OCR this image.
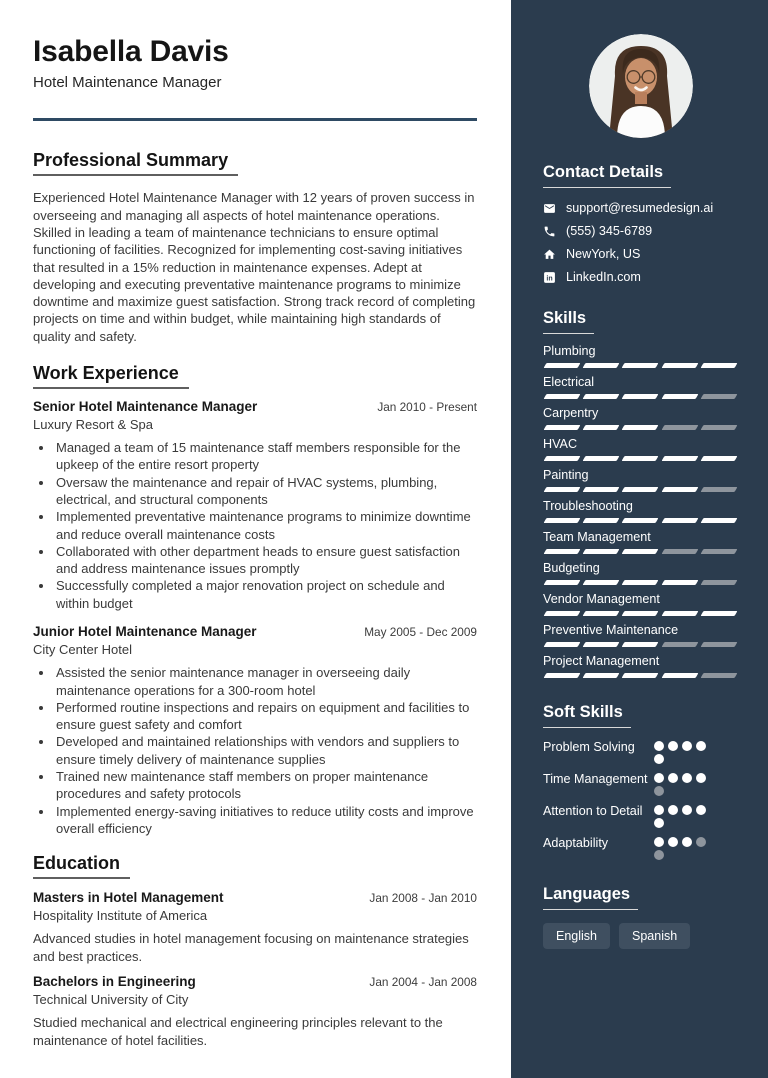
Isabella Davis
Hotel Maintenance Manager
Professional Summary

Experienced Hotel Maintenance Manager with 12 years of proven success in overseeing and managing all aspects of hotel maintenance operations. Skilled in leading a team of maintenance technicians to ensure optimal functioning of facilities. Recognized for implementing cost-saving initiatives that resulted in a 15% reduction in maintenance expenses. Adept at developing and executing preventative maintenance programs to minimize downtime and maximize guest satisfaction. Strong track record of completing projects on time and within budget, while maintaining high standards of quality and safety.

Work Experience
Senior Hotel Maintenance Manager	Jan 2010 - Present
Luxury Resort & Spa
• Managed a team of 15 maintenance staff members responsible for the upkeep of the entire resort property
• Oversaw the maintenance and repair of HVAC systems, plumbing, electrical, and structural components
• Implemented preventative maintenance programs to minimize downtime and reduce overall maintenance costs
• Collaborated with other department heads to ensure guest satisfaction and address maintenance issues promptly
• Successfully completed a major renovation project on schedule and within budget
Junior Hotel Maintenance Manager	May 2005 - Dec 2009
City Center Hotel
• Assisted the senior maintenance manager in overseeing daily maintenance operations for a 300-room hotel
• Performed routine inspections and repairs on equipment and facilities to ensure guest safety and comfort
• Developed and maintained relationships with vendors and suppliers to ensure timely delivery of maintenance supplies
• Trained new maintenance staff members on proper maintenance procedures and safety protocols
• Implemented energy-saving initiatives to reduce utility costs and improve overall efficiency
Education
Masters in Hotel Management	Jan 2008 - Jan 2010
Hospitality Institute of America

Advanced studies in hotel management focusing on maintenance strategies and best practices.

Bachelors in Engineering	Jan 2004 - Jan 2008
Technical University of City

Studied mechanical and electrical engineering principles relevant to the maintenance of hotel facilities.

Contact Details
support@resumedesign.ai
(555) 345-6789
NewYork, US
in LinkedIn.com
Skills
Plumbing
Electrical
Carpentry
HVAC
Painting
Troubleshooting
Team Management
Budgeting
Vendor Management
Preventive Maintenance
Project Management
Soft Skills
Problem Solving
Time Management
Attention to Detail
Adaptability
Languages
English	Spanish
